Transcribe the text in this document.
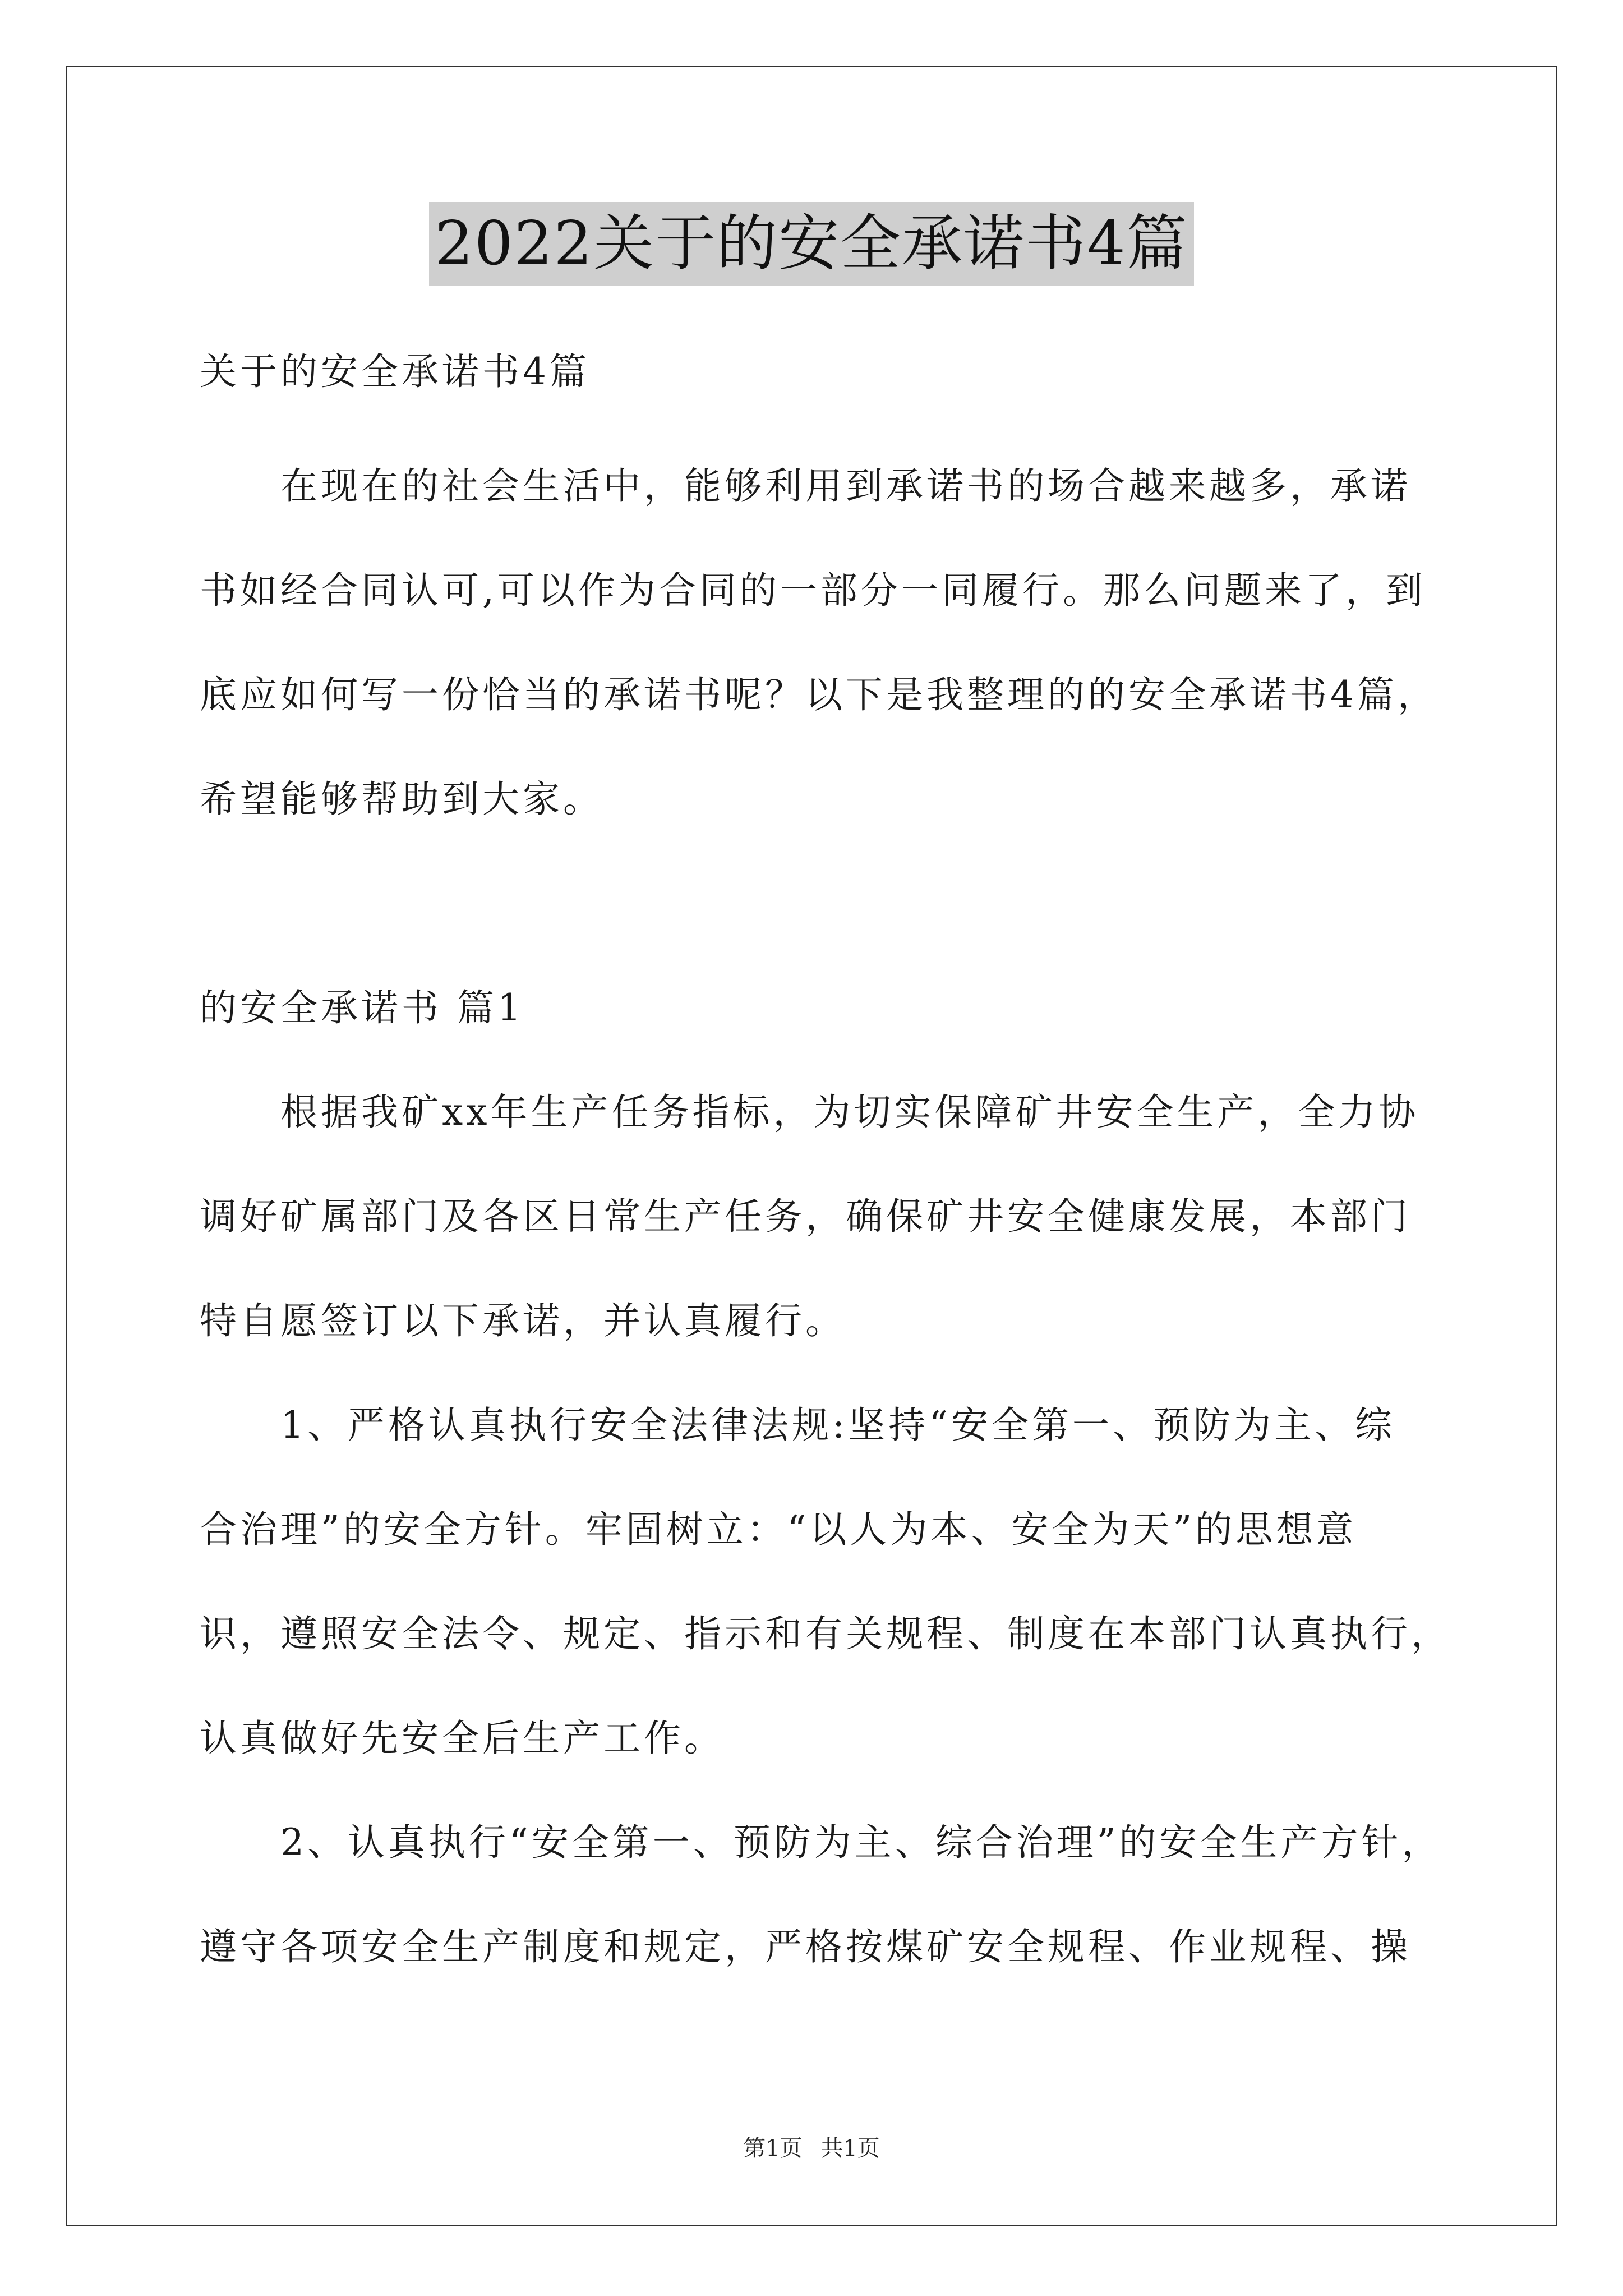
2022关于的安全承诺书4篇

关于的安全承诺书4篇

在现在的社会生活中，能够利用到承诺书的场合越来越多，承诺

书如经合同认可,可以作为合同的一部分一同履行。那么问题来了，到

底应如何写一份恰当的承诺书呢？以下是我整理的的安全承诺书4篇，

希望能够帮助到大家。

的安全承诺书 篇1

根据我矿xx年生产任务指标，为切实保障矿井安全生产，全力协

调好矿属部门及各区日常生产任务，确保矿井安全健康发展，本部门

特自愿签订以下承诺，并认真履行。

1、严格认真执行安全法律法规:坚持“安全第一、预防为主、综

合治理”的安全方针。牢固树立：“以人为本、安全为天”的思想意

识，遵照安全法令、规定、指示和有关规程、制度在本部门认真执行，

认真做好先安全后生产工作。

2、认真执行“安全第一、预防为主、综合治理”的安全生产方针，

遵守各项安全生产制度和规定，严格按煤矿安全规程、作业规程、操

第1页 共1页
